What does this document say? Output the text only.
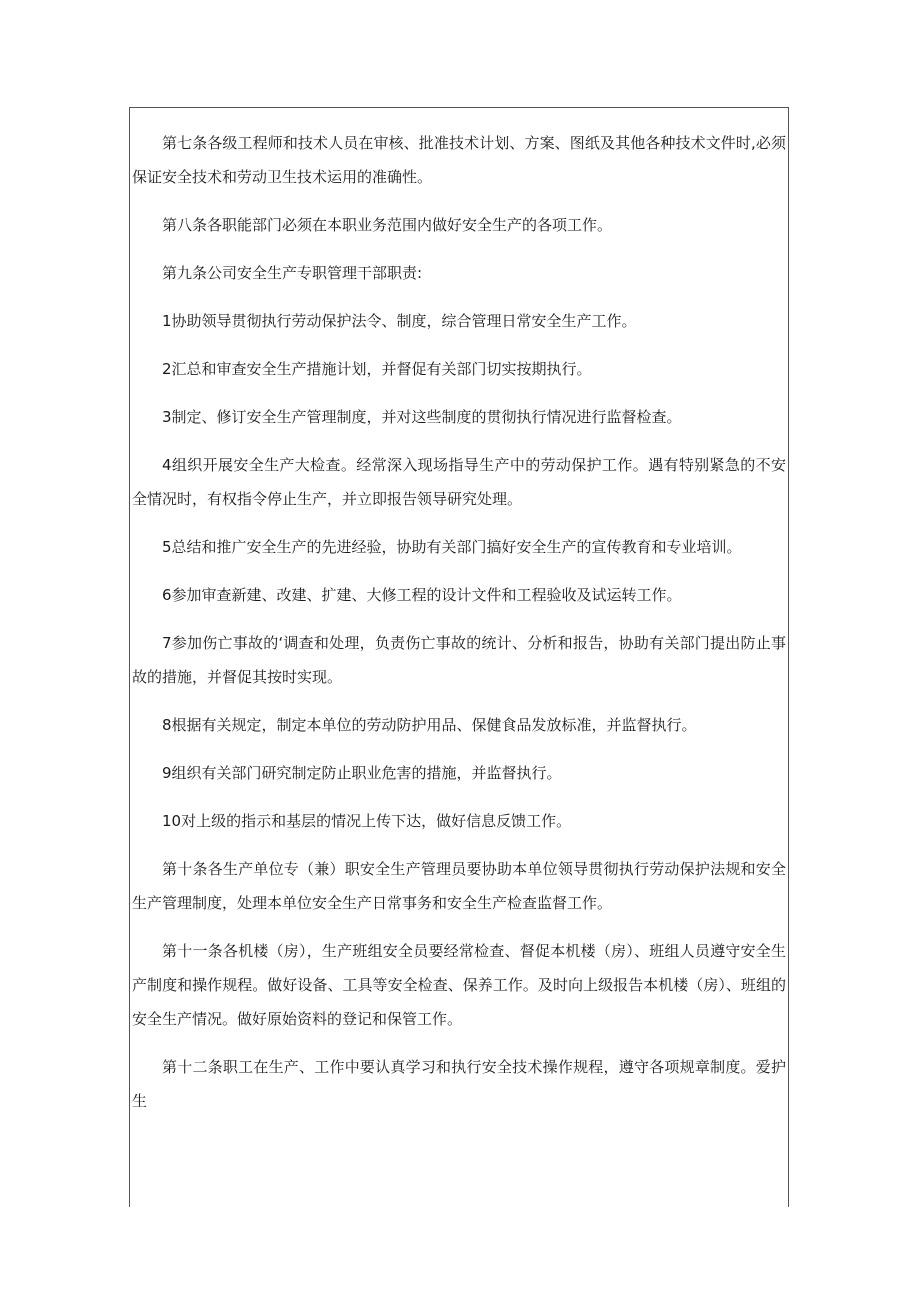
第七条各级工程师和技术人员在审核、批准技术计划、方案、图纸及其他各种技术文件时,必须保证安全技术和劳动卫生技术运用的准确性。

第八条各职能部门必须在本职业务范围内做好安全生产的各项工作。

第九条公司安全生产专职管理干部职责:

1协助领导贯彻执行劳动保护法令、制度，综合管理日常安全生产工作。

2汇总和审查安全生产措施计划，并督促有关部门切实按期执行。

3制定、修订安全生产管理制度，并对这些制度的贯彻执行情况进行监督检查。

4组织开展安全生产大检查。经常深入现场指导生产中的劳动保护工作。遇有特别紧急的不安全情况时，有权指令停止生产，并立即报告领导研究处理。

5总结和推广安全生产的先进经验，协助有关部门搞好安全生产的宣传教育和专业培训。

6参加审查新建、改建、扩建、大修工程的设计文件和工程验收及试运转工作。

7参加伤亡事故的‘调查和处理，负责伤亡事故的统计、分析和报告，协助有关部门提出防止事故的措施，并督促其按时实现。

8根据有关规定，制定本单位的劳动防护用品、保健食品发放标准，并监督执行。

9组织有关部门研究制定防止职业危害的措施，并监督执行。

10对上级的指示和基层的情况上传下达，做好信息反馈工作。

第十条各生产单位专（兼）职安全生产管理员要协助本单位领导贯彻执行劳动保护法规和安全生产管理制度，处理本单位安全生产日常事务和安全生产检查监督工作。

第十一条各机楼（房），生产班组安全员要经常检查、督促本机楼（房）、班组人员遵守安全生产制度和操作规程。做好设备、工具等安全检查、保养工作。及时向上级报告本机楼（房）、班组的安全生产情况。做好原始资料的登记和保管工作。

第十二条职工在生产、工作中要认真学习和执行安全技术操作规程，遵守各项规章制度。爱护生
